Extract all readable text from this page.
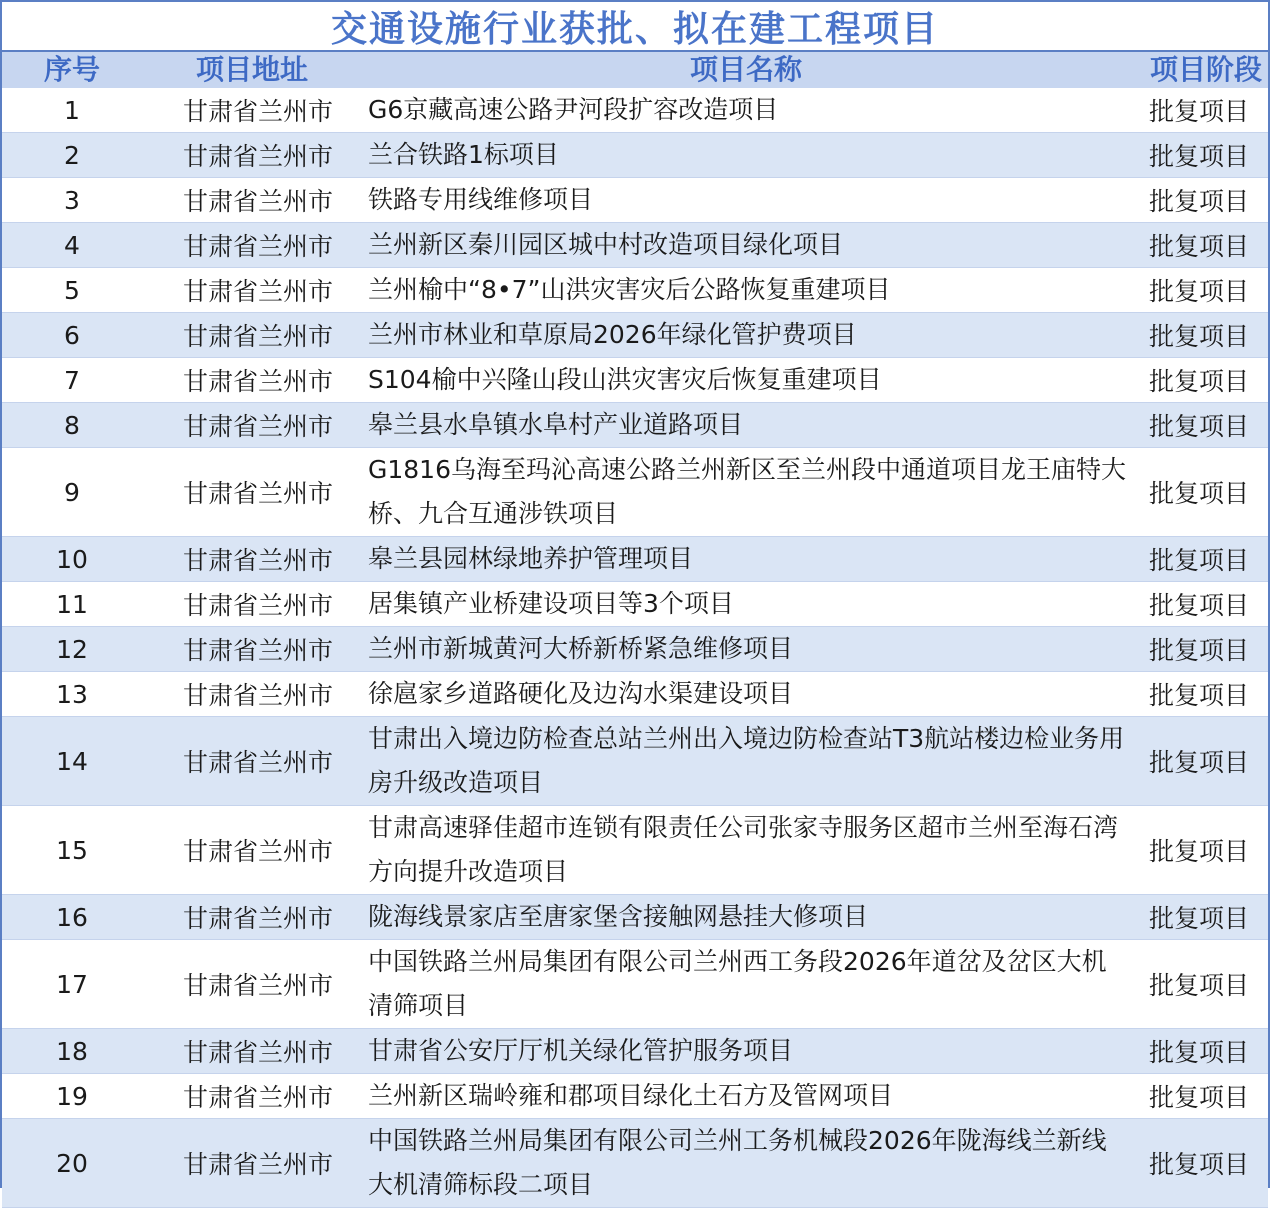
交通设施行业获批、拟在建工程项目
序号	项目地址	项目名称	项目阶段
1	甘肃省兰州市	G6京藏高速公路尹河段扩容改造项目	批复项目
2	甘肃省兰州市	兰合铁路1标项目	批复项目
3	甘肃省兰州市	铁路专用线维修项目	批复项目
4	甘肃省兰州市	兰州新区秦川园区城中村改造项目绿化项目	批复项目
5	甘肃省兰州市	兰州榆中“8•7”山洪灾害灾后公路恢复重建项目	批复项目
6	甘肃省兰州市	兰州市林业和草原局2026年绿化管护费项目	批复项目
7	甘肃省兰州市	S104榆中兴隆山段山洪灾害灾后恢复重建项目	批复项目
8	甘肃省兰州市	皋兰县水阜镇水阜村产业道路项目	批复项目
9	甘肃省兰州市	G1816乌海至玛沁高速公路兰州新区至兰州段中通道项目龙王庙特大桥、九合互通涉铁项目	批复项目
10	甘肃省兰州市	皋兰县园林绿地养护管理项目	批复项目
11	甘肃省兰州市	居集镇产业桥建设项目等3个项目	批复项目
12	甘肃省兰州市	兰州市新城黄河大桥新桥紧急维修项目	批复项目
13	甘肃省兰州市	徐扈家乡道路硬化及边沟水渠建设项目	批复项目
14	甘肃省兰州市	甘肃出入境边防检查总站兰州出入境边防检查站T3航站楼边检业务用房升级改造项目	批复项目
15	甘肃省兰州市	甘肃高速驿佳超市连锁有限责任公司张家寺服务区超市兰州至海石湾方向提升改造项目	批复项目
16	甘肃省兰州市	陇海线景家店至唐家堡含接触网悬挂大修项目	批复项目
17	甘肃省兰州市	中国铁路兰州局集团有限公司兰州西工务段2026年道岔及岔区大机清筛项目	批复项目
18	甘肃省兰州市	甘肃省公安厅厅机关绿化管护服务项目	批复项目
19	甘肃省兰州市	兰州新区瑞岭雍和郡项目绿化土石方及管网项目	批复项目
20	甘肃省兰州市	中国铁路兰州局集团有限公司兰州工务机械段2026年陇海线兰新线大机清筛标段二项目	批复项目
